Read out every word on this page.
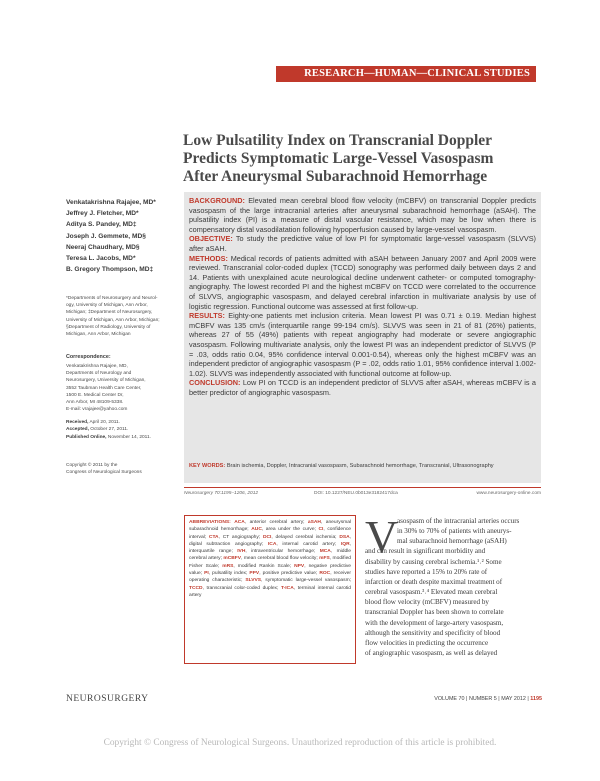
RESEARCH—HUMAN—CLINICAL STUDIES
Low Pulsatility Index on Transcranial Doppler
Predicts Symptomatic Large-Vessel Vasospasm
After Aneurysmal Subarachnoid Hemorrhage
Venkatakrishna Rajajee, MD*
Jeffrey J. Fletcher, MD*
Aditya S. Pandey, MD‡
Joseph J. Gemmete, MD§
Neeraj Chaudhary, MD§
Teresa L. Jacobs, MD*
B. Gregory Thompson, MD‡
*Departments of Neurosurgery and Neurol-
ogy, University of Michigan, Ann Arbor,
Michigan; ‡Department of Neurosurgery,
University of Michigan, Ann Arbor, Michigan;
§Department of Radiology, University of
Michigan, Ann Arbor, Michigan
Correspondence:
Venkatakrishna Rajajee, MD,
Departments of Neurology and
Neurosurgery, University of Michigan,
3552 Taubman Health Care Center,
1500 E. Medical Center Dr,
Ann Arbor, MI 48109-5338.
E-mail: vrajajee@yahoo.com
Received, April 20, 2011.
Accepted, October 27, 2011.
Published Online, November 14, 2011.
Copyright © 2011 by the
Congress of Neurological Surgeons

BACKGROUND: Elevated mean cerebral blood flow velocity (mCBFV) on transcranial Doppler predicts vasospasm of the large intracranial arteries after aneurysmal subarachnoid hemorrhage (aSAH). The pulsatility index (PI) is a measure of distal vascular resistance, which may be low when there is compensatory distal vasodilatation following hypoperfusion caused by large-vessel vasospasm.

OBJECTIVE: To study the predictive value of low PI for symptomatic large-vessel vasospasm (SLVVS) after aSAH.

METHODS: Medical records of patients admitted with aSAH between January 2007 and April 2009 were reviewed. Transcranial color-coded duplex (TCCD) sonography was performed daily between days 2 and 14. Patients with unexplained acute neurological decline underwent catheter- or computed tomography-angiography. The lowest recorded PI and the highest mCBFV on TCCD were correlated to the occurrence of SLVVS, angiographic vasospasm, and delayed cerebral infarction in multivariate analysis by use of logistic regression. Functional outcome was assessed at first follow-up.

RESULTS: Eighty-one patients met inclusion criteria. Mean lowest PI was 0.71 ± 0.19. Median highest mCBFV was 135 cm/s (interquartile range 99-194 cm/s). SLVVS was seen in 21 of 81 (26%) patients, whereas 27 of 55 (49%) patients with repeat angiography had moderate or severe angiographic vasospasm. Following multivariate analysis, only the lowest PI was an independent predictor of SLVVS (P = .03, odds ratio 0.04, 95% confidence interval 0.001-0.54), whereas only the highest mCBFV was an independent predictor of angiographic vasospasm (P = .02, odds ratio 1.01, 95% confidence interval 1.002-1.02). SLVVS was independently associated with functional outcome at follow-up.

CONCLUSION: Low PI on TCCD is an independent predictor of SLVVS after aSAH, whereas mCBFV is a better predictor of angiographic vasospasm.

KEY WORDS: Brain ischemia, Doppler, Intracranial vasospasm, Subarachnoid hemorrhage, Transcranial, Ultrasonography
Neurosurgery 70:1195–1206, 2012	DOI: 10.1227/NEU.0b013e3182417dca	www.neurosurgery-online.com
ABBREVIATIONS: ACA, anterior cerebral artery; aSAH, aneurysmal subarachnoid hemorrhage; AUC, area under the curve; CI, confidence interval; CTA, CT angiography; DCI, delayed cerebral ischemia; DSA, digital subtraction angiography; ICA, internal carotid artery; IQR, interquartile range; IVH, intraventricular hemorrhage; MCA, middle cerebral artery; mCBFV, mean cerebral blood flow velocity; mFS, modified Fisher Scale; mRS, modified Rankin Scale; NPV, negative predictive value; PI, pulsatility index; PPV, positive predictive value; ROC, receiver operating characteristic; SLVVS, symptomatic large-vessel vasospasm; TCCD, transcranial color-coded duplex; T-ICA, terminal internal carotid artery
V
asospasm of the intracranial arteries occurs
in 30% to 70% of patients with aneurys-
mal subarachnoid hemorrhage (aSAH)
and can result in significant morbidity and
disability by causing cerebral ischemia.¹˒² Some
studies have reported a 15% to 20% rate of
infarction or death despite maximal treatment of
cerebral vasospasm.³˒⁴ Elevated mean cerebral
blood flow velocity (mCBFV) measured by
transcranial Doppler has been shown to correlate
with the development of large-artery vasospasm,
although the sensitivity and specificity of blood
flow velocities in predicting the occurrence
of angiographic vasospasm, as well as delayed
NEUROSURGERY	VOLUME 70 | NUMBER 5 | MAY 2012 | 1195
Copyright © Congress of Neurological Surgeons. Unauthorized reproduction of this article is prohibited.
